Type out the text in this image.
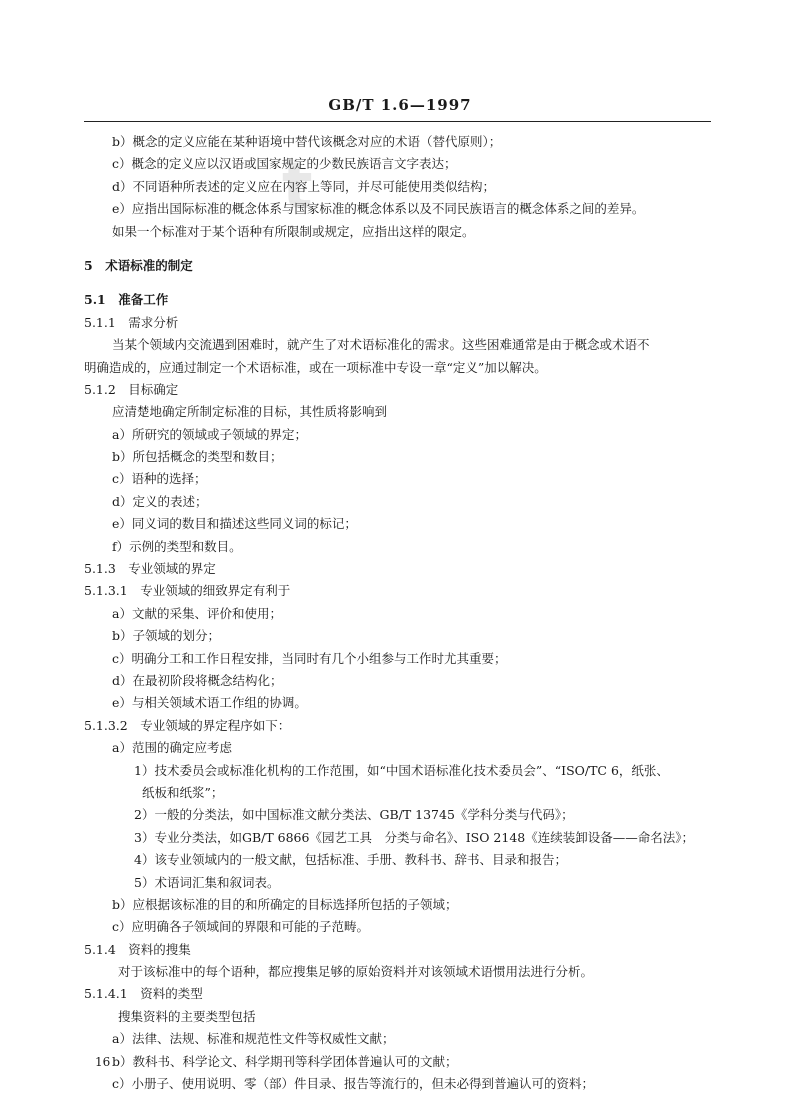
t
GB/T 1.6—1997
b）概念的定义应能在某种语境中替代该概念对应的术语（替代原则）；
c）概念的定义应以汉语或国家规定的少数民族语言文字表达；
d）不同语种所表述的定义应在内容上等同，并尽可能使用类似结构；
e）应指出国际标准的概念体系与国家标准的概念体系以及不同民族语言的概念体系之间的差异。
如果一个标准对于某个语种有所限制或规定，应指出这样的限定。
5　术语标准的制定
5.1　准备工作
5.1.1　需求分析
当某个领域内交流遇到困难时，就产生了对术语标准化的需求。这些困难通常是由于概念或术语不
明确造成的，应通过制定一个术语标准，或在一项标准中专设一章“定义”加以解决。
5.1.2　目标确定
应清楚地确定所制定标准的目标，其性质将影响到
a）所研究的领域或子领域的界定；
b）所包括概念的类型和数目；
c）语种的选择；
d）定义的表述；
e）同义词的数目和描述这些同义词的标记；
f）示例的类型和数目。
5.1.3　专业领域的界定
5.1.3.1　专业领域的细致界定有利于
a）文献的采集、评价和使用；
b）子领域的划分；
c）明确分工和工作日程安排，当同时有几个小组参与工作时尤其重要；
d）在最初阶段将概念结构化；
e）与相关领域术语工作组的协调。
5.1.3.2　专业领域的界定程序如下：
a）范围的确定应考虑
1）技术委员会或标准化机构的工作范围，如“中国术语标准化技术委员会”、“ISO/TC 6，纸张、
纸板和纸浆”；
2）一般的分类法，如中国标准文献分类法、GB/T 13745《学科分类与代码》；
3）专业分类法，如GB/T 6866《园艺工具　分类与命名》、ISO 2148《连续装卸设备——命名法》；
4）该专业领域内的一般文献，包括标准、手册、教科书、辞书、目录和报告；
5）术语词汇集和叙词表。
b）应根据该标准的目的和所确定的目标选择所包括的子领域；
c）应明确各子领域间的界限和可能的子范畴。
5.1.4　资料的搜集
对于该标准中的每个语种，都应搜集足够的原始资料并对该领域术语惯用法进行分析。
5.1.4.1　资料的类型
搜集资料的主要类型包括
a）法律、法规、标准和规范性文件等权威性文献；
b）教科书、科学论文、科学期刊等科学团体普遍认可的文献；
c）小册子、使用说明、零（部）件目录、报告等流行的，但未必得到普遍认可的资料；
16
